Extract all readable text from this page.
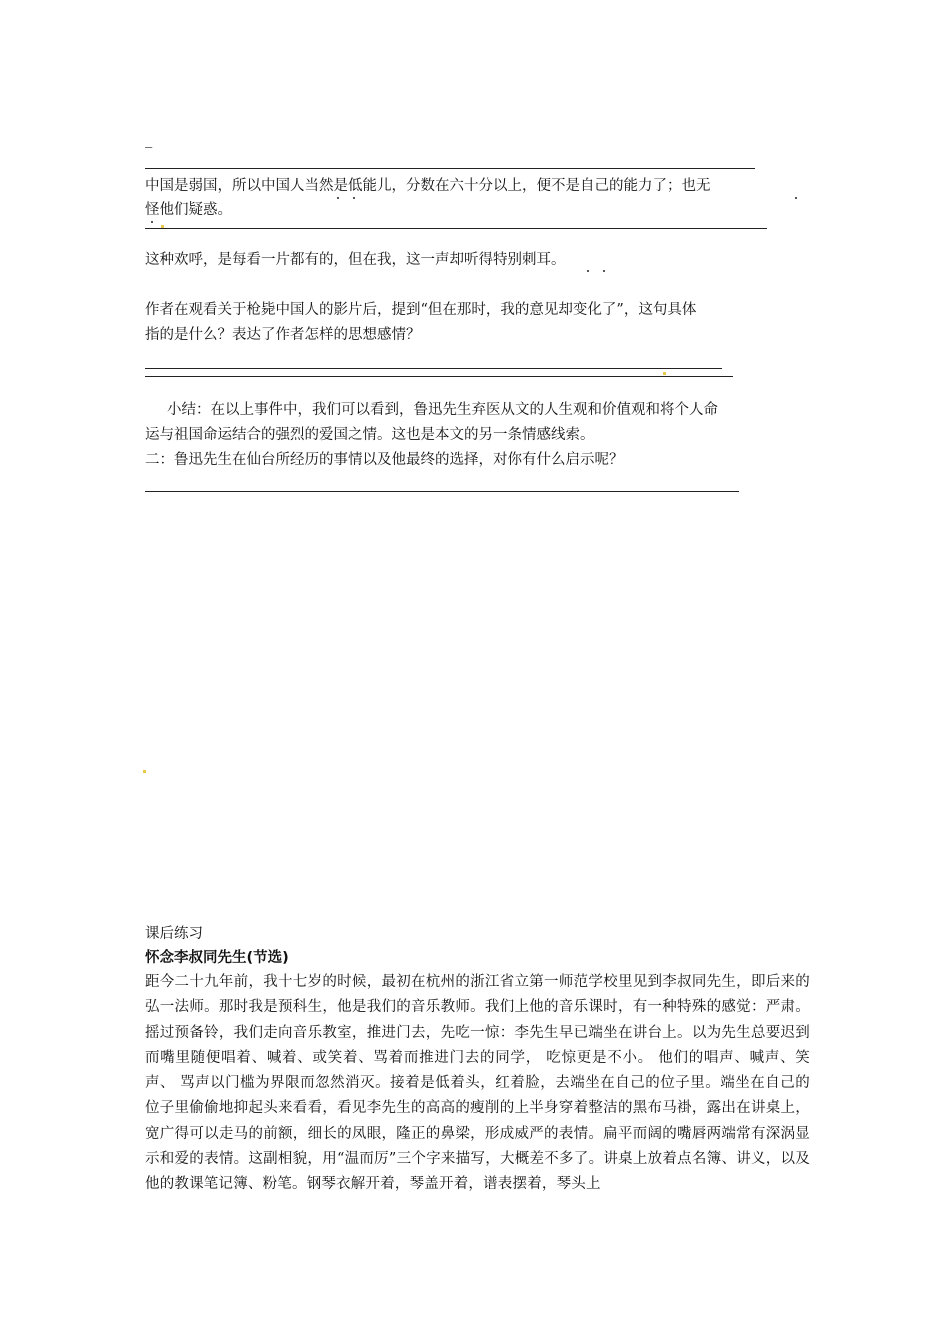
_
中国是弱国，所以中国人当然是低能儿，分数在六十分以上，便不是自己的能力了；也无
怪他们疑惑。
这种欢呼，是每看一片都有的，但在我，这一声却听得特别刺耳。
作者在观看关于枪毙中国人的影片后，提到“但在那时，我的意见却变化了”，这句具体
指的是什么？表达了作者怎样的思想感情？
小结：在以上事件中，我们可以看到，鲁迅先生弃医从文的人生观和价值观和将个人命
运与祖国命运结合的强烈的爱国之情。这也是本文的另一条情感线索。
二：鲁迅先生在仙台所经历的事情以及他最终的选择，对你有什么启示呢？
课后练习
怀念李叔同先生(节选)
距今二十九年前，我十七岁的时候，最初在杭州的浙江省立第一师范学校里见到李叔同先生，即后来的弘一法师。那时我是预科生，他是我们的音乐教师。我们上他的音乐课时，有一种特殊的感觉：严肃。摇过预备铃，我们走向音乐教室，推进门去，先吃一惊：李先生早已端坐在讲台上。以为先生总要迟到而嘴里随便唱着、喊着、或笑着、骂着而推进门去的同学， 吃惊更是不小。 他们的唱声、喊声、笑声、 骂声以门槛为界限而忽然消灭。接着是低着头，红着脸，去端坐在自己的位子里。端坐在自己的位子里偷偷地抑起头来看看，看见李先生的高高的瘦削的上半身穿着整洁的黑布马褂，露出在讲桌上，宽广得可以走马的前额，细长的凤眼，隆正的鼻梁，形成威严的表情。扁平而阔的嘴唇两端常有深涡显示和爱的表情。这副相貌，用“温而厉”三个字来描写，大概差不多了。讲桌上放着点名簿、讲义，以及他的教课笔记簿、粉笔。钢琴衣解开着，琴盖开着，谱表摆着，琴头上
